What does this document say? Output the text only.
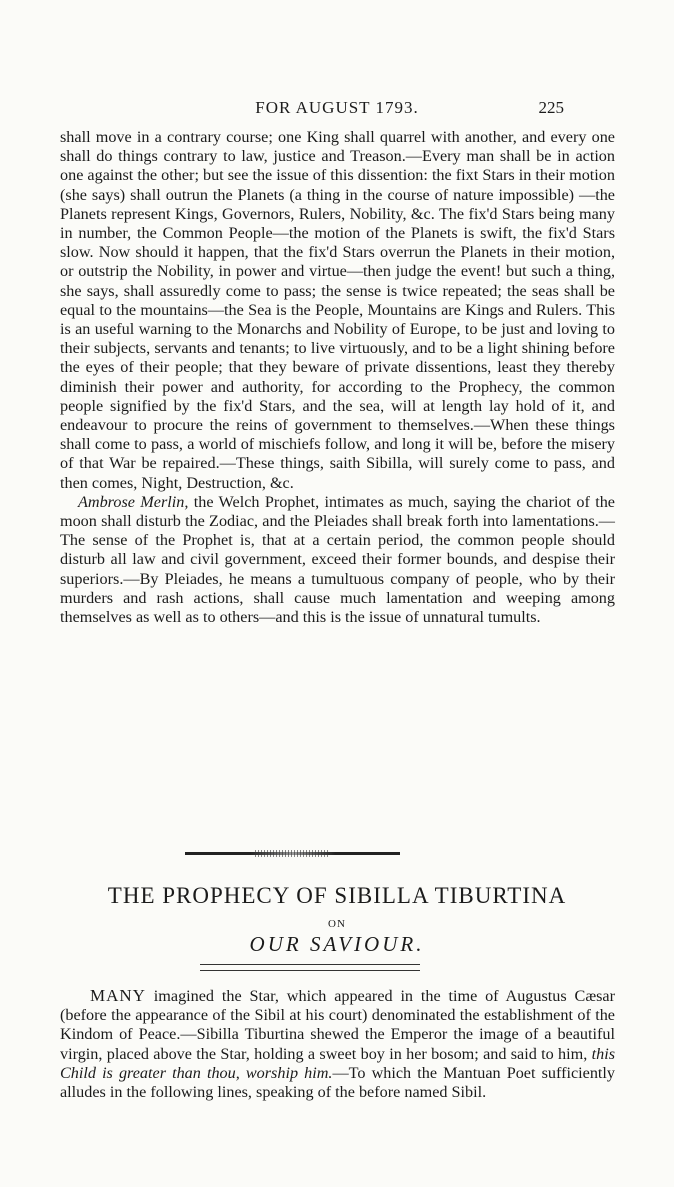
FOR AUGUST 1793.	225

shall move in a contrary course; one King shall quarrel with another, and every one shall do things contrary to law, justice and Treason.—Every man shall be in action one against the other; but see the issue of this dissention: the fixt Stars in their motion (she says) shall outrun the Planets (a thing in the course of nature impossible) —the Planets represent Kings, Governors, Rulers, Nobility, &c. The fix'd Stars being many in number, the Common People—the motion of the Planets is swift, the fix'd Stars slow. Now should it happen, that the fix'd Stars overrun the Planets in their motion, or outstrip the Nobility, in power and virtue—then judge the event! but such a thing, she says, shall assuredly come to pass; the sense is twice repeated; the seas shall be equal to the mountains—the Sea is the People, Mountains are Kings and Rulers. This is an useful warning to the Monarchs and Nobility of Europe, to be just and loving to their subjects, servants and tenants; to live virtuously, and to be a light shining before the eyes of their people; that they beware of private dissentions, least they thereby diminish their power and authority, for according to the Prophecy, the common people signified by the fix'd Stars, and the sea, will at length lay hold of it, and endeavour to procure the reins of government to themselves.—When these things shall come to pass, a world of mischiefs follow, and long it will be, before the misery of that War be repaired.—These things, saith Sibilla, will surely come to pass, and then comes, Night, Destruction, &c.

Ambrose Merlin, the Welch Prophet, intimates as much, saying the chariot of the moon shall disturb the Zodiac, and the Pleiades shall break forth into lamentations.—The sense of the Prophet is, that at a certain period, the common people should disturb all law and civil government, exceed their former bounds, and despise their superiors.—By Pleiades, he means a tumultuous company of people, who by their murders and rash actions, shall cause much lamentation and weeping among themselves as well as to others—and this is the issue of unnatural tumults.

THE PROPHECY OF SIBILLA TIBURTINA
ON
OUR SAVIOUR.

MANY imagined the Star, which appeared in the time of Augustus Cæsar (before the appearance of the Sibil at his court) denominated the establishment of the Kindom of Peace.—Sibilla Tiburtina shewed the Emperor the image of a beautiful virgin, placed above the Star, holding a sweet boy in her bosom; and said to him, this Child is greater than thou, worship him.—To which the Mantuan Poet sufficiently alludes in the following lines, speaking of the before named Sibil.
